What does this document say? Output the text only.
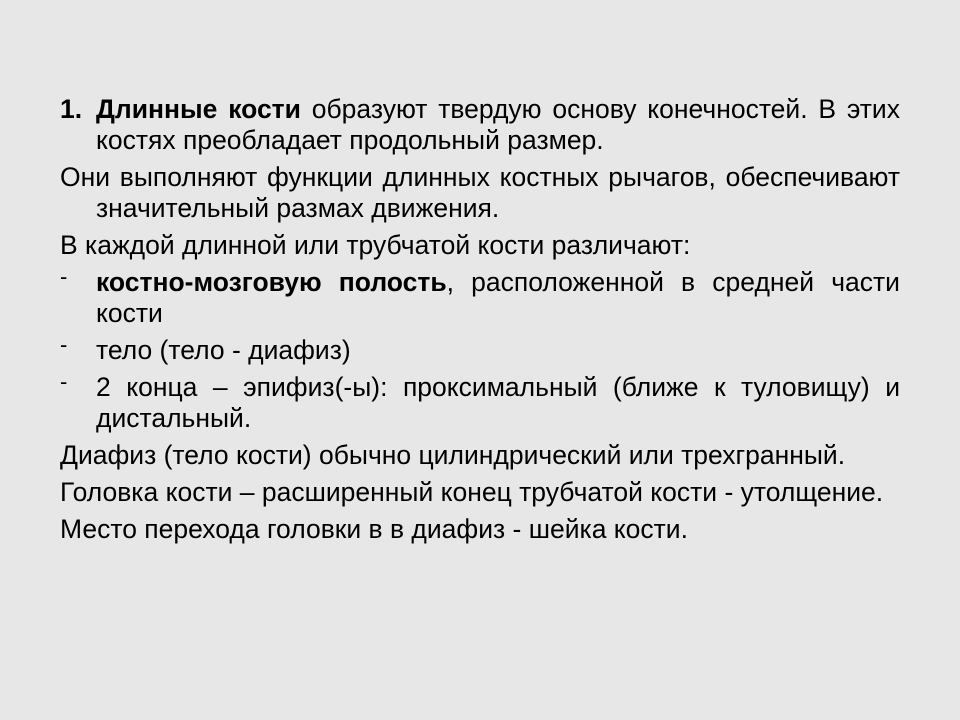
1. Длинные кости образуют твердую основу конечностей. В этих костях преобладает продольный размер.

Они выполняют функции длинных костных рычагов, обеспечивают значительный размах движения.

В каждой длинной или трубчатой кости различают:

- костно-мозговую полость, расположенной в средней части кости
- тело (тело - диафиз)
- 2 конца – эпифиз(-ы): проксимальный (ближе к туловищу) и дистальный.

Диафиз (тело кости) обычно цилиндрический или трехгранный.

Головка кости – расширенный конец трубчатой кости - утолщение.

Место перехода головки в в диафиз - шейка кости.
